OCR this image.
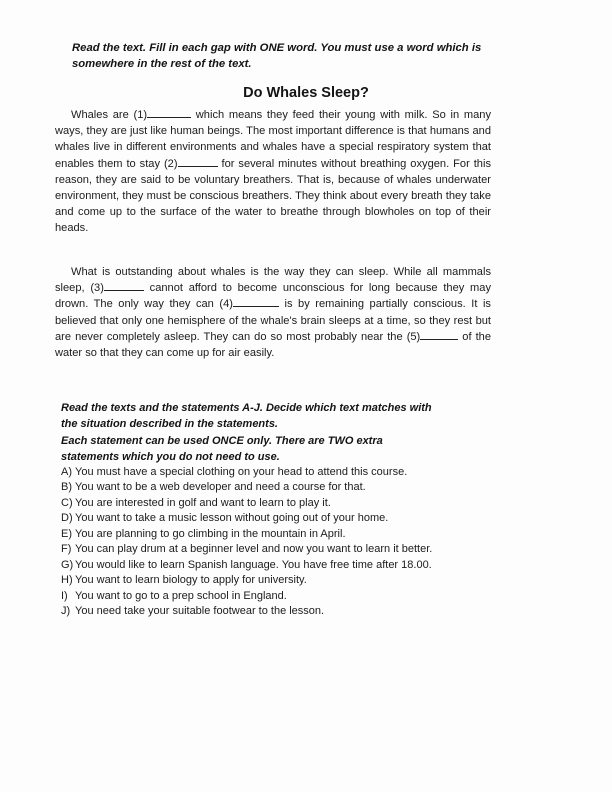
Read the text. Fill in each gap with ONE word. You must use a word which is somewhere in the rest of the text.
Do Whales Sleep?

Whales are (1)	which means they feed their young with milk. So in many ways, they are just like human beings. The most important difference is that humans and whales live in different environments and whales have a special respiratory system that enables them to stay (2)	for several minutes without breathing oxygen. For this reason, they are said to be voluntary breathers. That is, because of whales underwater environment, they must be conscious breathers. They think about every breath they take and come up to the surface of the water to breathe through blowholes on top of their heads.

What is outstanding about whales is the way they can sleep. While all mammals sleep, (3)	cannot afford to become unconscious for long because they may drown. The only way they can (4)	is by remaining partially conscious. It is believed that only one hemisphere of the whale's brain sleeps at a time, so they rest but are never completely asleep. They can do so most probably near the (5)	of the water so that they can come up for air easily.

Read the texts and the statements A-J. Decide which text matches with the situation described in the statements.
Each statement can be used ONCE only. There are TWO extra statements which you do not need to use.
A) You must have a special clothing on your head to attend this course.
B) You want to be a web developer and need a course for that.
C) You are interested in golf and want to learn to play it.
D) You want to take a music lesson without going out of your home.
E) You are planning to go climbing in the mountain in April.
F) You can play drum at a beginner level and now you want to learn it better.
G) You would like to learn Spanish language. You have free time after 18.00.
H) You want to learn biology to apply for university.
I) You want to go to a prep school in England.
J) You need take your suitable footwear to the lesson.
